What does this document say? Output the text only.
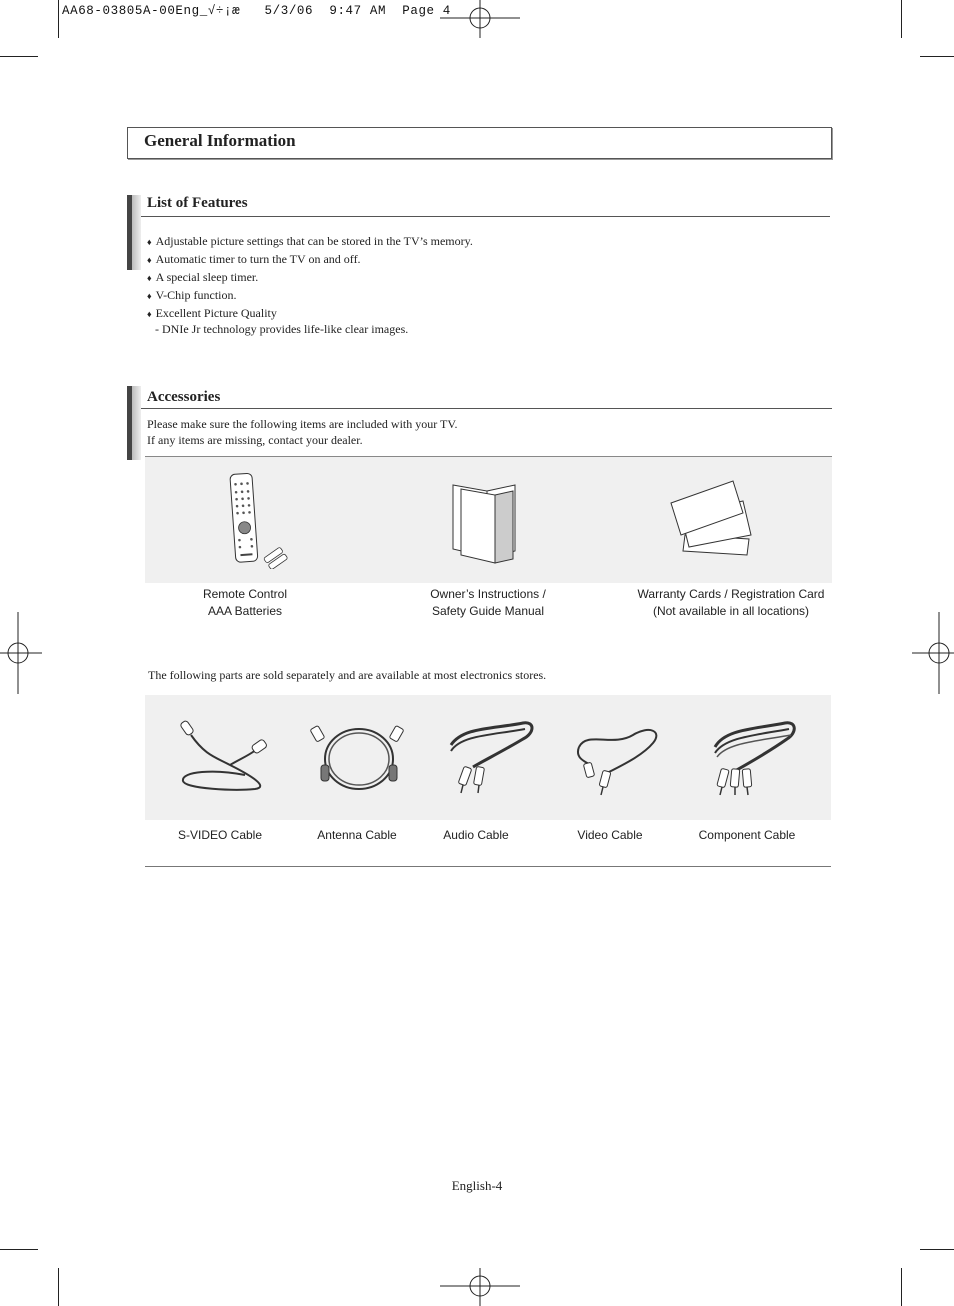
AA68-03805A-00Eng_√÷¡æ   5/3/06  9:47 AM  Page 4
General Information
List of Features
♦ Adjustable picture settings that can be stored in the TV’s memory.
♦ Automatic timer to turn the TV on and off.
♦ A special sleep timer.
♦ V-Chip function.
♦ Excellent Picture Quality
- DNIe Jr technology provides life-like clear images.
Accessories
Please make sure the following items are included with your TV.
If any items are missing, contact your dealer.
Remote Control
AAA Batteries
Owner’s Instructions /
Safety Guide Manual
Warranty Cards / Registration Card
(Not available in all locations)
The following parts are sold separately and are available at most electronics stores.
S-VIDEO Cable	Antenna Cable	Audio Cable	Video Cable	Component Cable
English-4
